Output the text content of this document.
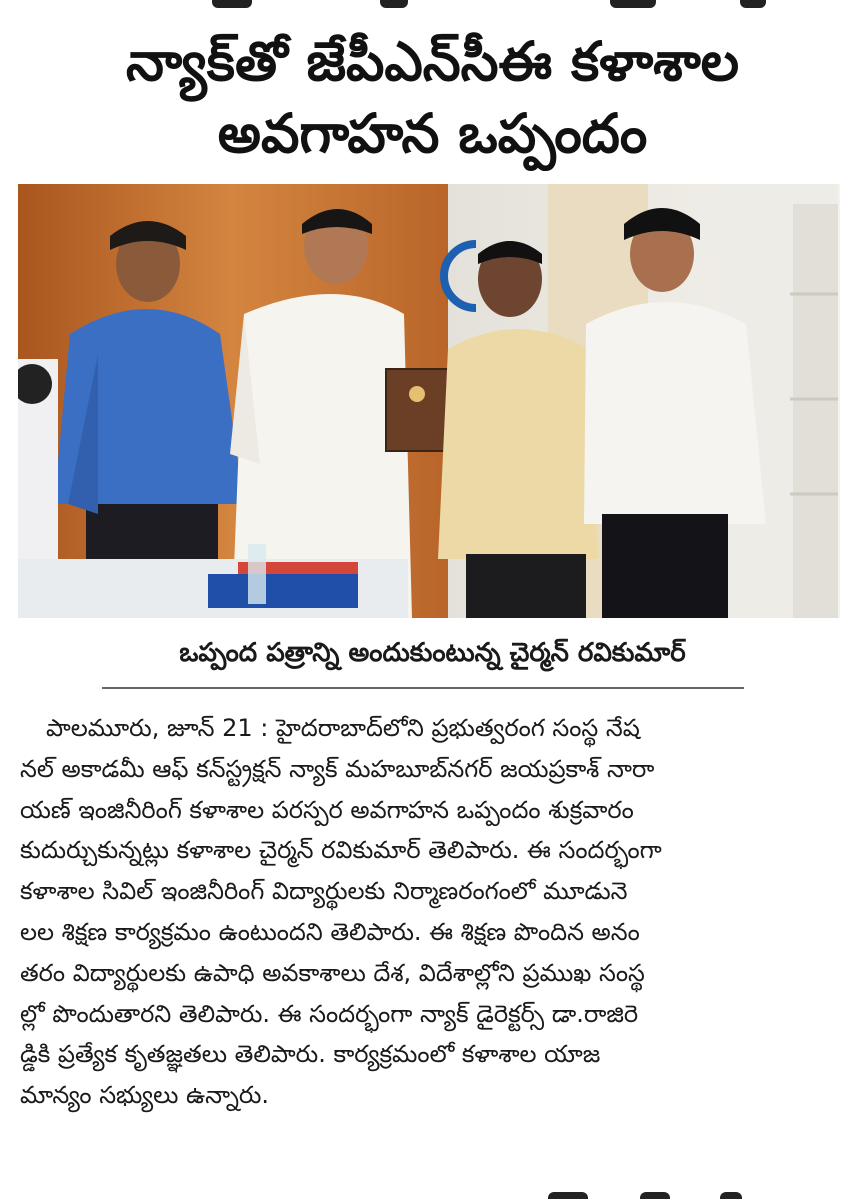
న్యాక్‌తో జేపీఎన్‌సీఈ కళాశాల
అవగాహన ఒప్పందం
ఒప్పంద పత్రాన్ని అందుకుంటున్న చైర్మన్ రవికుమార్
పాలమూరు, జూన్ 21 : హైదరాబాద్‌లోని ప్రభుత్వరంగ సంస్థ నేష
నల్ అకాడమీ ఆఫ్ కన్‌స్ట్రక్షన్ న్యాక్ మహబూబ్‌నగర్ జయప్రకాశ్ నారా
యణ్ ఇంజినీరింగ్ కళాశాల పరస్పర అవగాహన ఒప్పందం శుక్రవారం
కుదుర్చుకున్నట్లు కళాశాల చైర్మన్ రవికుమార్ తెలిపారు. ఈ సందర్భంగా
కళాశాల సివిల్ ఇంజినీరింగ్ విద్యార్థులకు నిర్మాణరంగంలో మూడునె
లల శిక్షణ కార్యక్రమం ఉంటుందని తెలిపారు. ఈ శిక్షణ పొందిన అనం
తరం విద్యార్థులకు ఉపాధి అవకాశాలు దేశ, విదేశాల్లోని ప్రముఖ సంస్థ
ల్లో పొందుతారని తెలిపారు. ఈ సందర్భంగా న్యాక్ డైరెక్టర్స్ డా.రాజిరె
డ్డికి ప్రత్యేక కృతజ్ఞతలు తెలిపారు. కార్యక్రమంలో కళాశాల యాజ
మాన్యం సభ్యులు ఉన్నారు.
